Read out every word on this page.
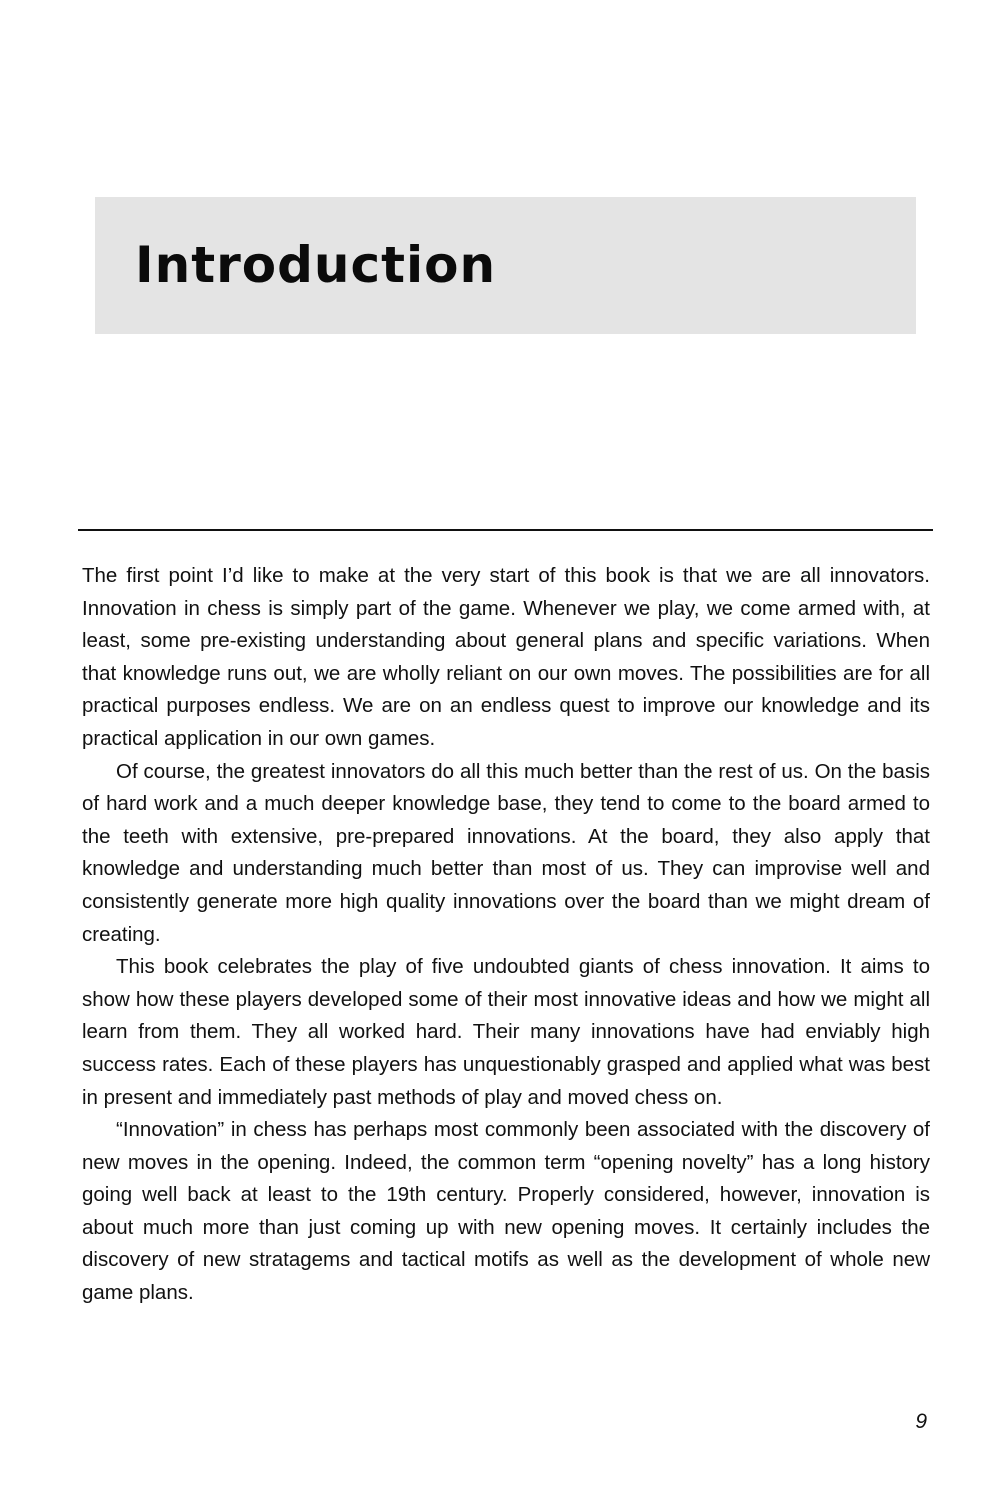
Introduction

The first point I’d like to make at the very start of this book is that we are all innovators. Innovation in chess is simply part of the game. Whenever we play, we come armed with, at least, some pre-existing understanding about general plans and specific variations. When that knowledge runs out, we are wholly reliant on our own moves. The possibilities are for all practical purposes endless. We are on an endless quest to improve our knowledge and its practical application in our own games.

Of course, the greatest innovators do all this much better than the rest of us. On the basis of hard work and a much deeper knowledge base, they tend to come to the board armed to the teeth with extensive, pre-prepared innovations. At the board, they also apply that knowledge and understanding much better than most of us. They can improvise well and consistently generate more high quality innovations over the board than we might dream of creating.

This book celebrates the play of five undoubted giants of chess innovation. It aims to show how these players developed some of their most innovative ideas and how we might all learn from them. They all worked hard. Their many innovations have had enviably high success rates. Each of these players has unquestionably grasped and applied what was best in present and immediately past methods of play and moved chess on.

“Innovation” in chess has perhaps most commonly been associated with the discovery of new moves in the opening. Indeed, the common term “opening novelty” has a long history going well back at least to the 19th century. Properly considered, however, innovation is about much more than just coming up with new opening moves. It certainly includes the discovery of new stratagems and tactical motifs as well as the development of whole new game plans.

9
